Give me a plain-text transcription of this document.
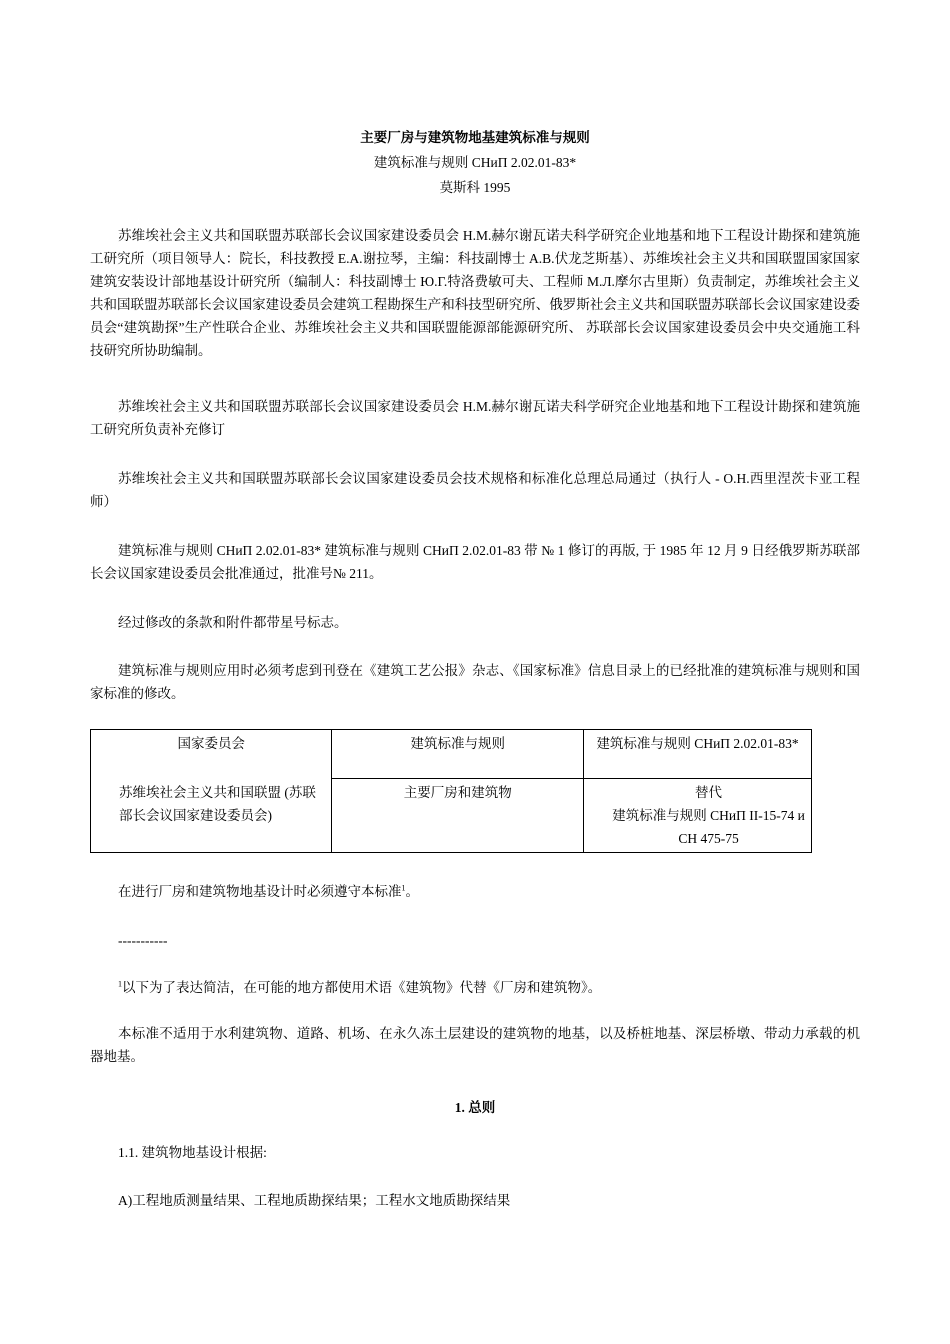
主要厂房与建筑物地基建筑标准与规则
建筑标准与规则 CHиП 2.02.01-83*
莫斯科 1995

苏维埃社会主义共和国联盟苏联部长会议国家建设委员会 H.M.赫尔谢瓦诺夫科学研究企业地基和地下工程设计勘探和建筑施工研究所（项目领导人：院长，科技教授 E.A.谢拉琴，主编：科技副博士 A.B.伏龙芝斯基）、苏维埃社会主义共和国联盟国家国家建筑安装设计部地基设计研究所（编制人：科技副博士 Ю.Г.特洛费敏可夫、工程师 M.Л.摩尔古里斯）负责制定，苏维埃社会主义共和国联盟苏联部长会议国家建设委员会建筑工程勘探生产和科技型研究所、俄罗斯社会主义共和国联盟苏联部长会议国家建设委员会“建筑勘探”生产性联合企业、苏维埃社会主义共和国联盟能源部能源研究所、 苏联部长会议国家建设委员会中央交通施工科技研究所协助编制。

苏维埃社会主义共和国联盟苏联部长会议国家建设委员会 H.M.赫尔谢瓦诺夫科学研究企业地基和地下工程设计勘探和建筑施工研究所负责补充修订

苏维埃社会主义共和国联盟苏联部长会议国家建设委员会技术规格和标准化总理总局通过（执行人 - O.H.西里涅茨卡亚工程师）

建筑标准与规则 CHиП 2.02.01-83* 建筑标准与规则 CHиП 2.02.01-83 带 № 1 修订的再版, 于 1985 年 12 月 9 日经俄罗斯苏联部长会议国家建设委员会批准通过，批准号№ 211。

经过修改的条款和附件都带星号标志。

建筑标准与规则应用时必须考虑到刊登在《建筑工艺公报》杂志、《国家标准》信息目录上的已经批准的建筑标准与规则和国家标准的修改。

国家委员会	建筑标准与规则	建筑标准与规则 CHиП 2.02.01-83*
苏维埃社会主义共和国联盟 (苏联部长会议国家建设委员会)	主要厂房和建筑物	替代
建筑标准与规则 CHиП II-15-74 и CH 475-75

在进行厂房和建筑物地基设计时必须遵守本标准$^1$。

-----------

$^1$以下为了表达简洁，在可能的地方都使用术语《建筑物》代替《厂房和建筑物》。

本标准不适用于水利建筑物、道路、机场、在永久冻土层建设的建筑物的地基，以及桥桩地基、深层桥墩、带动力承载的机器地基。

1. 总则

1.1. 建筑物地基设计根据:

A)工程地质测量结果、工程地质勘探结果；工程水文地质勘探结果
